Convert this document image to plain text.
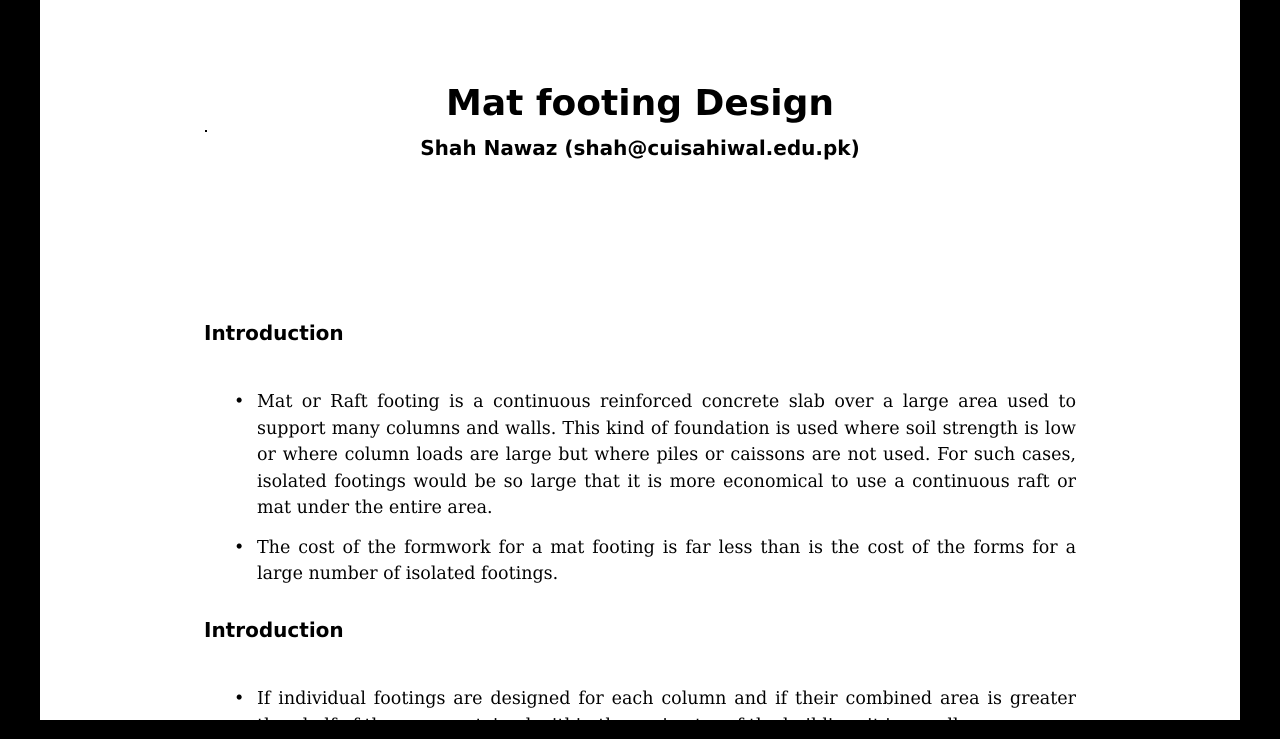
Mat footing Design

Shah Nawaz (shah@cuisahiwal.edu.pk)

Introduction
• Mat or Raft footing is a continuous reinforced concrete slab over a large area used to support many columns and walls. This kind of foundation is used where soil strength is low or where column loads are large but where piles or caissons are not used. For such cases, isolated footings would be so large that it is more economical to use a continuous raft or mat under the entire area.
• The cost of the formwork for a mat footing is far less than is the cost of the forms for a large number of isolated footings.
Introduction
• If individual footings are designed for each column and if their combined area is greater than half of the area contained within the perimeter of the building, it is usually more
